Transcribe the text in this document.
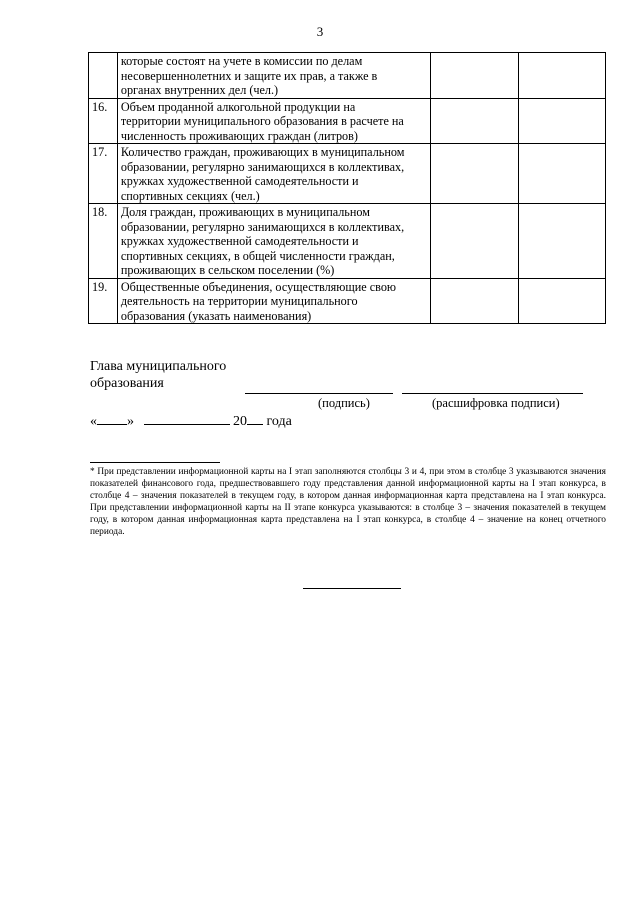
3

	которые состоят на учете в комиссии по делам
несовершеннолетних и защите их прав, а также в
органах внутренних дел (чел.)		

16.	Объем проданной алкогольной продукции на
территории муниципального образования в расчете на
численность проживающих граждан (литров)		

17.	Количество граждан, проживающих в муниципальном
образовании, регулярно занимающихся в коллективах,
кружках художественной самодеятельности и
спортивных секциях (чел.)		

18.	Доля граждан, проживающих в муниципальном
образовании, регулярно занимающихся в коллективах,
кружках художественной самодеятельности и
спортивных секциях, в общей численности граждан,
проживающих в сельском поселении (%)		

19.	Общественные объединения, осуществляющие свою
деятельность на территории муниципального
образования (указать наименования)		

Глава муниципального
образования
(подпись)	(расшифровка подписи)
« »	20 года
* При представлении информационной карты на I этап заполняются столбцы 3 и 4, при этом в столбце 3 указываются значения показателей финансового года, предшествовавшего году представления данной информационной карты на I этап конкурса, в столбце 4 – значения показателей в текущем году, в котором данная информационная карта представлена на I этап конкурса. При представлении информационной карты на II этапе конкурса указываются: в столбце 3 – значения показателей в текущем году, в котором данная информационная карта представлена на I этап конкурса, в столбце 4 – значение на конец отчетного периода.
